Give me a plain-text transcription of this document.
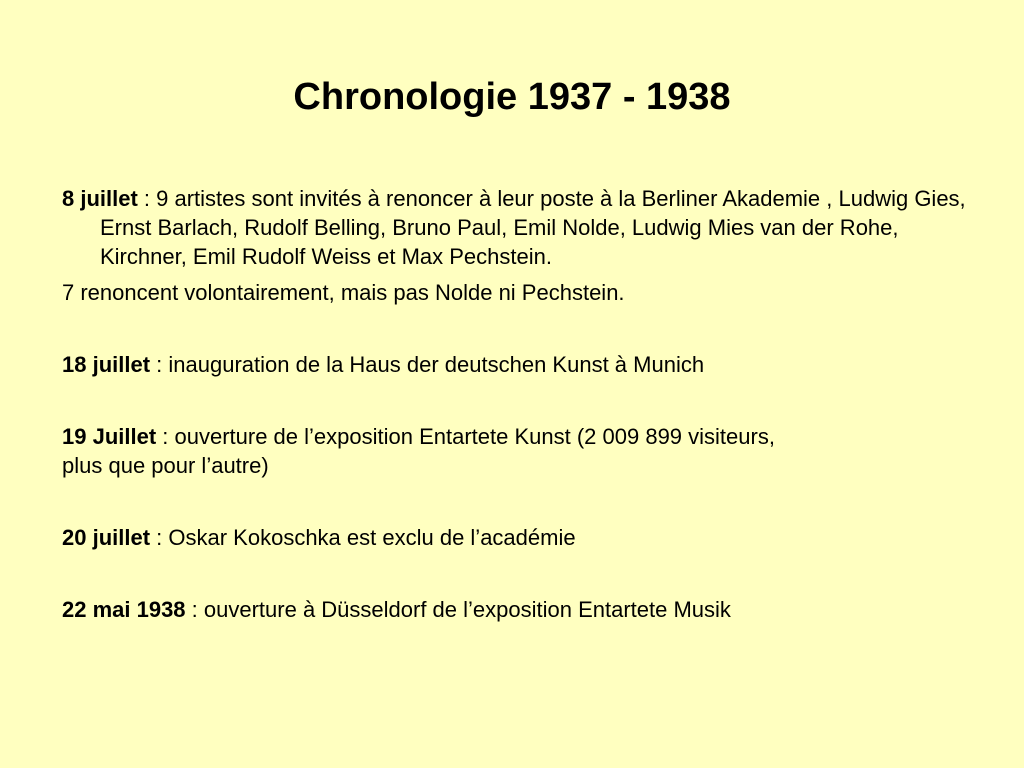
Chronologie 1937 - 1938

8 juillet : 9 artistes sont invités à renoncer à leur poste à la Berliner Akademie , Ludwig Gies, Ernst Barlach, Rudolf Belling, Bruno Paul, Emil Nolde, Ludwig Mies van der Rohe, Kirchner, Emil Rudolf Weiss et Max Pechstein.

7 renoncent volontairement, mais pas Nolde ni Pechstein.

18 juillet : inauguration de la Haus der deutschen Kunst à Munich

19 Juillet : ouverture de l’exposition Entartete Kunst (2 009 899 visiteurs,
plus que pour l’autre)

20 juillet : Oskar Kokoschka est exclu de l’académie

22 mai 1938 : ouverture à Düsseldorf de l’exposition Entartete Musik
